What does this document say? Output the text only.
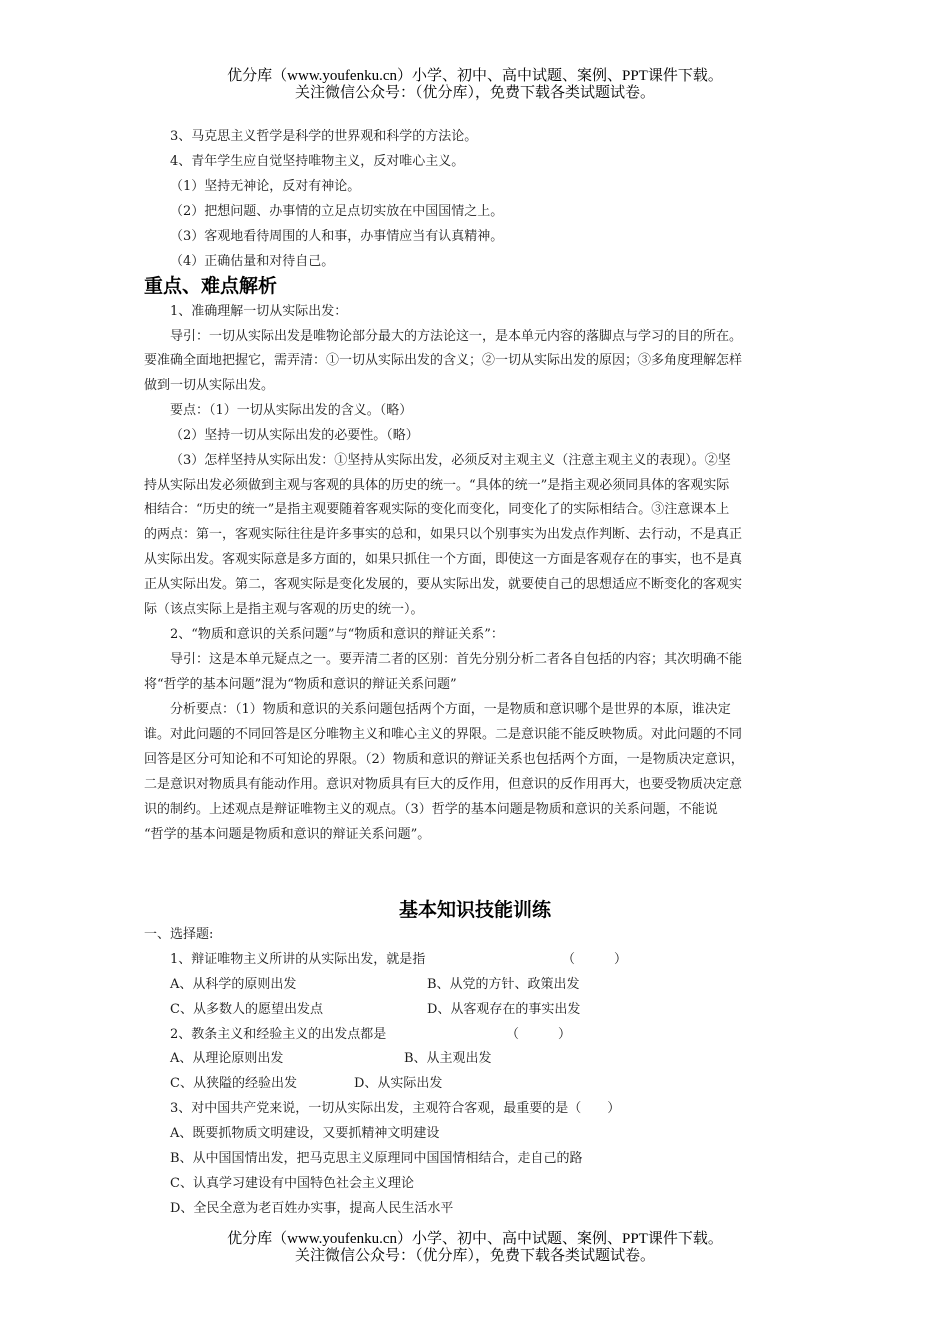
优分库（www.youfenku.cn）小学、初中、高中试题、案例、PPT课件下载。
关注微信公众号：（优分库），免费下载各类试题试卷。
3、马克思主义哲学是科学的世界观和科学的方法论。
4、青年学生应自觉坚持唯物主义，反对唯心主义。
（1）坚持无神论，反对有神论。
（2）把想问题、办事情的立足点切实放在中国国情之上。
（3）客观地看待周围的人和事，办事情应当有认真精神。
（4）正确估量和对待自己。
重点、难点解析
1、准确理解一切从实际出发：
导引：一切从实际出发是唯物论部分最大的方法论这一，是本单元内容的落脚点与学习的目的所在。
要准确全面地把握它，需弄清：①一切从实际出发的含义；②一切从实际出发的原因；③多角度理解怎样
做到一切从实际出发。
要点：（1）一切从实际出发的含义。（略）
（2）坚持一切从实际出发的必要性。（略）
（3）怎样坚持从实际出发：①坚持从实际出发，必须反对主观主义（注意主观主义的表现）。②坚
持从实际出发必须做到主观与客观的具体的历史的统一。“具体的统一”是指主观必须同具体的客观实际
相结合：“历史的统一”是指主观要随着客观实际的变化而变化，同变化了的实际相结合。③注意课本上
的两点：第一，客观实际往往是许多事实的总和，如果只以个别事实为出发点作判断、去行动，不是真正
从实际出发。客观实际意是多方面的，如果只抓住一个方面，即使这一方面是客观存在的事实，也不是真
正从实际出发。第二，客观实际是变化发展的，要从实际出发，就要使自己的思想适应不断变化的客观实
际（该点实际上是指主观与客观的历史的统一）。
2、“物质和意识的关系问题”与“物质和意识的辩证关系”：
导引：这是本单元疑点之一。要弄清二者的区别：首先分别分析二者各自包括的内容；其次明确不能
将“哲学的基本问题”混为“物质和意识的辩证关系问题”
分析要点：（1）物质和意识的关系问题包括两个方面，一是物质和意识哪个是世界的本原，谁决定
谁。对此问题的不同回答是区分唯物主义和唯心主义的界限。二是意识能不能反映物质。对此问题的不同
回答是区分可知论和不可知论的界限。（2）物质和意识的辩证关系也包括两个方面，一是物质决定意识，
二是意识对物质具有能动作用。意识对物质具有巨大的反作用，但意识的反作用再大，也要受物质决定意
识的制约。上述观点是辩证唯物主义的观点。（3）哲学的基本问题是物质和意识的关系问题，不能说
“哲学的基本问题是物质和意识的辩证关系问题”。
基本知识技能训练
一、选择题:
1、辩证唯物主义所讲的从实际出发，就是指	（　　　）
A、从科学的原则出发	B、从党的方针、政策出发
C、从多数人的愿望出发点	D、从客观存在的事实出发
2、教条主义和经验主义的出发点都是	（　　　）
A、从理论原则出发	B、从主观出发
C、从狭隘的经验出发	D、从实际出发
3、对中国共产党来说，一切从实际出发，主观符合客观，最重要的是（　　）
A、既要抓物质文明建设，又要抓精神文明建设
B、从中国国情出发，把马克思主义原理同中国国情相结合，走自己的路
C、认真学习建设有中国特色社会主义理论
D、全民全意为老百姓办实事，提高人民生活水平
优分库（www.youfenku.cn）小学、初中、高中试题、案例、PPT课件下载。
关注微信公众号：（优分库），免费下载各类试题试卷。
